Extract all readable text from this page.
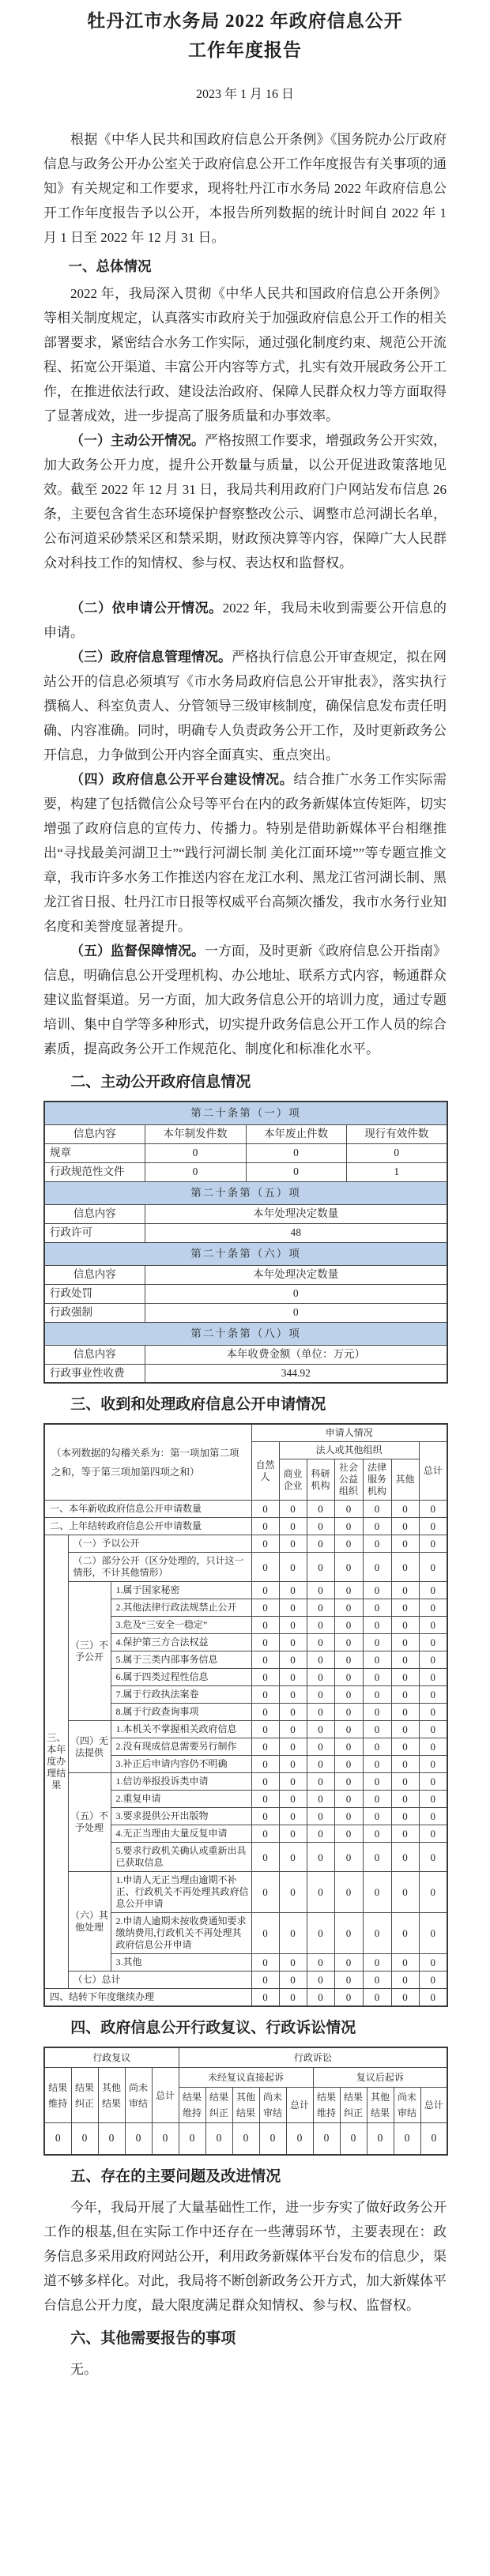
牡丹江市水务局 2022 年政府信息公开
工作年度报告
2023 年 1 月 16 日

根据《中华人民共和国政府信息公开条例》《国务院办公厅政府信息与政务公开办公室关于政府信息公开工作年度报告有关事项的通知》有关规定和工作要求，现将牡丹江市水务局 2022 年政府信息公开工作年度报告予以公开，本报告所列数据的统计时间自 2022 年 1 月 1 日至 2022 年 12 月 31 日。

一、总体情况

2022 年，我局深入贯彻《中华人民共和国政府信息公开条例》等相关制度规定，认真落实市政府关于加强政府信息公开工作的相关部署要求，紧密结合水务工作实际，通过强化制度约束、规范公开流程、拓宽公开渠道、丰富公开内容等方式，扎实有效开展政务公开工作，在推进依法行政、建设法治政府、保障人民群众权力等方面取得了显著成效，进一步提高了服务质量和办事效率。

（一）主动公开情况。严格按照工作要求，增强政务公开实效，加大政务公开力度，提升公开数量与质量，以公开促进政策落地见效。截至 2022 年 12 月 31 日，我局共利用政府门户网站发布信息 26 条，主要包含省生态环境保护督察整改公示、调整市总河湖长名单，公布河道采砂禁采区和禁采期，财政预决算等内容，保障广大人民群众对科技工作的知情权、参与权、表达权和监督权。

（二）依申请公开情况。2022 年，我局未收到需要公开信息的申请。

（三）政府信息管理情况。严格执行信息公开审查规定，拟在网站公开的信息必须填写《市水务局政府信息公开审批表》，落实执行撰稿人、科室负责人、分管领导三级审核制度，确保信息发布责任明确、内容准确。同时，明确专人负责政务公开工作，及时更新政务公开信息，力争做到公开内容全面真实、重点突出。

（四）政府信息公开平台建设情况。结合推广水务工作实际需要，构建了包括微信公众号等平台在内的政务新媒体宣传矩阵，切实增强了政府信息的宣传力、传播力。特别是借助新媒体平台相继推出“寻找最美河湖卫士”“践行河湖长制 美化江面环境””等专题宣推文章，我市许多水务工作推送内容在龙江水利、黑龙江省河湖长制、黑龙江省日报、牡丹江市日报等权威平台高频次播发，我市水务行业知名度和美誉度显著提升。

（五）监督保障情况。一方面，及时更新《政府信息公开指南》信息，明确信息公开受理机构、办公地址、联系方式内容，畅通群众建议监督渠道。另一方面，加大政务信息公开的培训力度，通过专题培训、集中自学等多种形式，切实提升政务信息公开工作人员的综合素质，提高政务公开工作规范化、制度化和标准化水平。

二、主动公开政府信息情况
第二十条第（一）项			
信息内容	本年制发件数	本年废止件数	现行有效件数
规章	0	0	0
行政规范性文件	0	0	1
第二十条第（五）项			
信息内容	本年处理决定数量		
行政许可	48		
第二十条第（六）项			
信息内容	本年处理决定数量		
行政处罚	0		
行政强制	0		
第二十条第（八）项			
信息内容	本年收费金额（单位：万元）		
行政事业性收费	344.92		
三、收到和处理政府信息公开申请情况
（本列数据的勾稽关系为：第一项加第二项之和，等于第三项加第四项之和）			申请人情况						
			自然人	法人或其他组织					总计
				商业企业	科研机构	社会公益组织	法律服务机构	其他	
一、本年新收政府信息公开申请数量			0	0	0	0	0	0	0
二、上年结转政府信息公开申请数量			0	0	0	0	0	0	0
三、本年度办理结果	（一）予以公开		0	0	0	0	0	0	0
	（二）部分公开（区分处理的，只计这一情形，不计其他情形）		0	0	0	0	0	0	0
	（三）不予公开	1.属于国家秘密	0	0	0	0	0	0	0
		2.其他法律行政法规禁止公开	0	0	0	0	0	0	0
		3.危及“三安全一稳定”	0	0	0	0	0	0	0
		4.保护第三方合法权益	0	0	0	0	0	0	0
		5.属于三类内部事务信息	0	0	0	0	0	0	0
		6.属于四类过程性信息	0	0	0	0	0	0	0
		7.属于行政执法案卷	0	0	0	0	0	0	0
		8.属于行政查询事项	0	0	0	0	0	0	0
	（四）无法提供	1.本机关不掌握相关政府信息	0	0	0	0	0	0	0
		2.没有现成信息需要另行制作	0	0	0	0	0	0	0
		3.补正后申请内容仍不明确	0	0	0	0	0	0	0
	（五）不予处理	1.信访举报投诉类申请	0	0	0	0	0	0	0
		2.重复申请	0	0	0	0	0	0	0
		3.要求提供公开出版物	0	0	0	0	0	0	0
		4.无正当理由大量反复申请	0	0	0	0	0	0	0
		5.要求行政机关确认或重新出具已获取信息	0	0	0	0	0	0	0
	（六）其他处理	1.申请人无正当理由逾期不补正、行政机关不再处理其政府信息公开申请	0	0	0	0	0	0	0
		2.申请人逾期未按收费通知要求缴纳费用,行政机关不再处理其政府信息公开申请	0	0	0	0	0	0	0
		3.其他	0	0	0	0	0	0	0
	（七）总计		0	0	0	0	0	0	0
四、结转下年度继续办理			0	0	0	0	0	0	0
四、政府信息公开行政复议、行政诉讼情况
行政复议					行政诉讼									
结果维持	结果纠正	其他结果	尚未审结	总计	未经复议直接起诉					复议后起诉				
					结果维持	结果纠正	其他结果	尚未审结	总计	结果维持	结果纠正	其他结果	尚未审结	总计
0	0	0	0	0	0	0	0	0	0	0	0	0	0	0
五、存在的主要问题及改进情况

今年，我局开展了大量基础性工作，进一步夯实了做好政务公开工作的根基,但在实际工作中还存在一些薄弱环节，主要表现在：政务信息多采用政府网站公开，利用政务新媒体平台发布的信息少，渠道不够多样化。对此，我局将不断创新政务公开方式，加大新媒体平台信息公开力度，最大限度满足群众知情权、参与权、监督权。

六、其他需要报告的事项

无。
